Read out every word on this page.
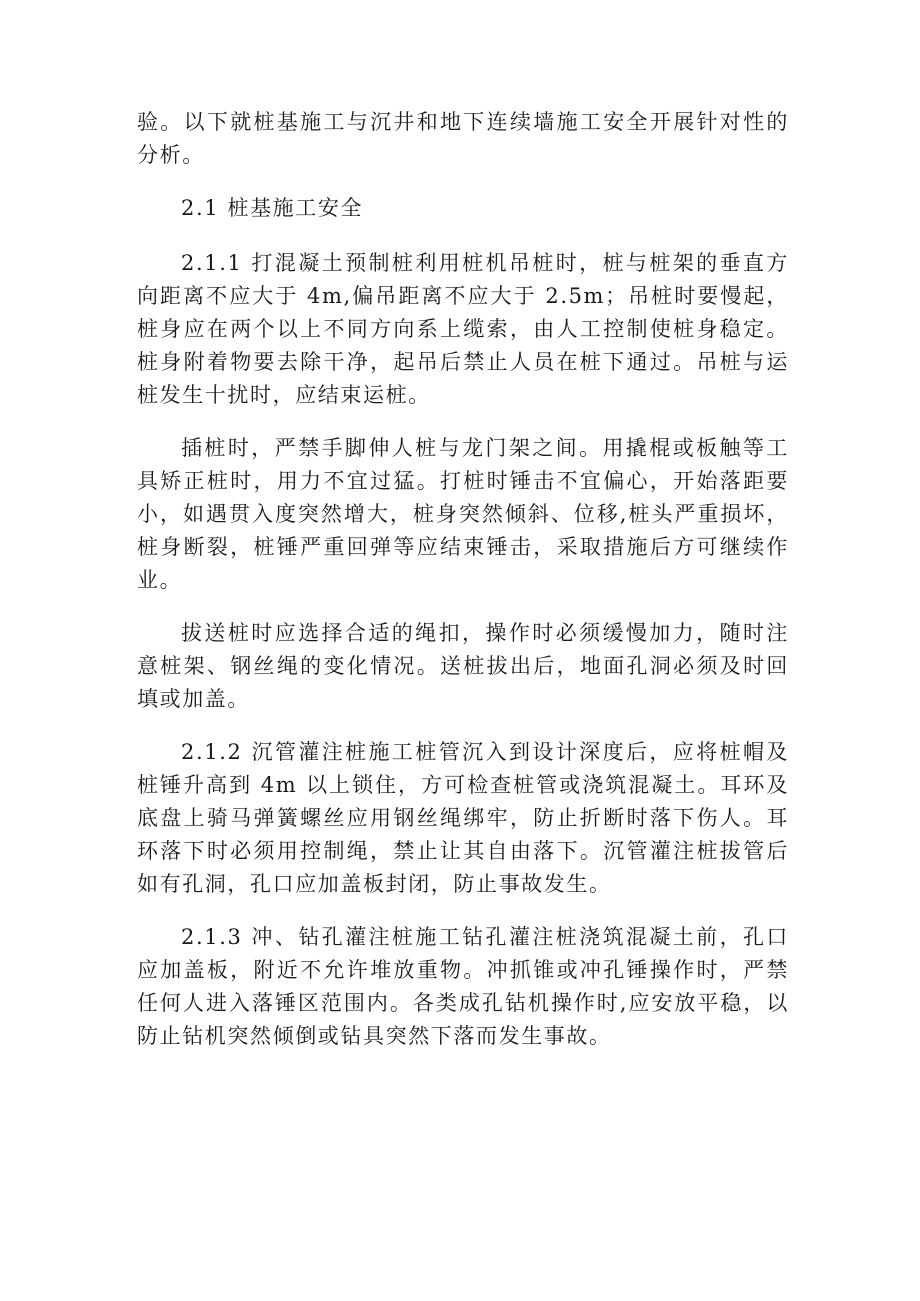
验。以下就桩基施工与沉井和地下连续墙施工安全开展针对性的分析。

2.1 桩基施工安全

2.1.1 打混凝土预制桩利用桩机吊桩时，桩与桩架的垂直方向距离不应大于 4m,偏吊距离不应大于 2.5m；吊桩时要慢起，桩身应在两个以上不同方向系上缆索，由人工控制使桩身稳定。桩身附着物要去除干净，起吊后禁止人员在桩下通过。吊桩与运桩发生十扰时，应结束运桩。

插桩时，严禁手脚伸人桩与龙门架之间。用撬棍或板触等工具矫正桩时，用力不宜过猛。打桩时锤击不宜偏心，开始落距要小，如遇贯入度突然增大，桩身突然倾斜、位移,桩头严重损坏，桩身断裂，桩锤严重回弹等应结束锤击，采取措施后方可继续作业。

拔送桩时应选择合适的绳扣，操作时必须缓慢加力，随时注意桩架、钢丝绳的变化情况。送桩拔出后，地面孔洞必须及时回填或加盖。

2.1.2 沉管灌注桩施工桩管沉入到设计深度后，应将桩帽及桩锤升高到 4m 以上锁住，方可检查桩管或浇筑混凝土。耳环及底盘上骑马弹簧螺丝应用钢丝绳绑牢，防止折断时落下伤人。耳环落下时必须用控制绳，禁止让其自由落下。沉管灌注桩拔管后如有孔洞，孔口应加盖板封闭，防止事故发生。

2.1.3 冲、钻孔灌注桩施工钻孔灌注桩浇筑混凝土前，孔口应加盖板，附近不允许堆放重物。冲抓锥或冲孔锤操作时，严禁任何人进入落锤区范围内。各类成孔钻机操作时,应安放平稳，以防止钻机突然倾倒或钻具突然下落而发生事故。
